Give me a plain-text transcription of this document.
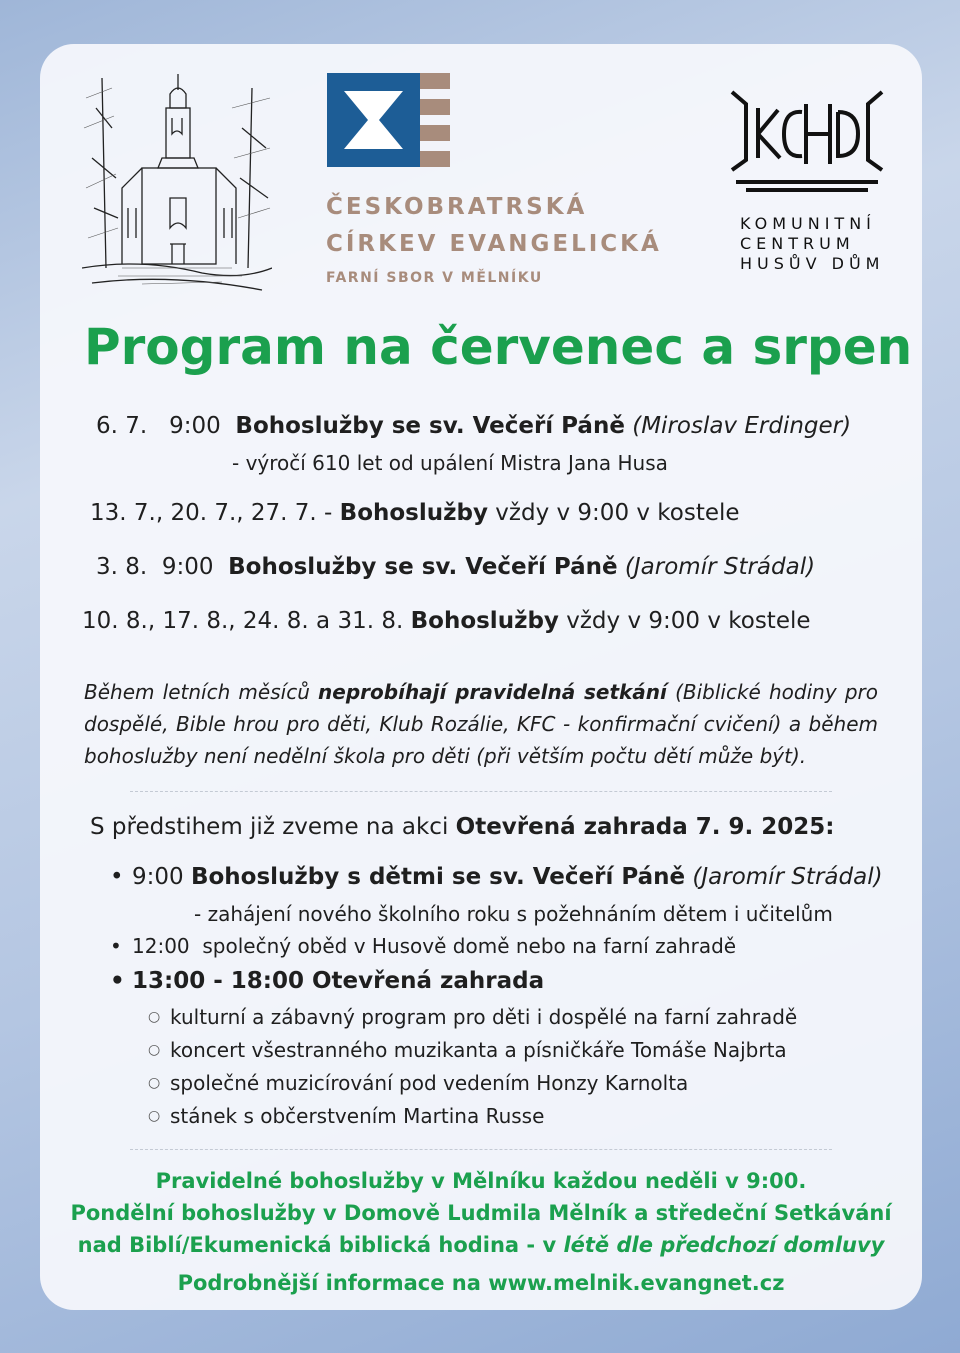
ČESKOBRATRSKÁ
CÍRKEV EVANGELICKÁ
FARNÍ SBOR V MĚLNÍKU
KOMUNITNÍ
CENTRUM
HUSŮV DŮM
Program na červenec a srpen
6. 7. 9:00 Bohoslužby se sv. Večeří Páně (Miroslav Erdinger)
- výročí 610 let od upálení Mistra Jana Husa
13. 7., 20. 7., 27. 7. - Bohoslužby vždy v 9:00 v kostele
3. 8. 9:00 Bohoslužby se sv. Večeří Páně (Jaromír Strádal)
10. 8., 17. 8., 24. 8. a 31. 8. Bohoslužby vždy v 9:00 v kostele
Během letních měsíců neprobíhají pravidelná setkání (Biblické hodiny pro dospělé, Bible hrou pro děti, Klub Rozálie, KFC - konfirmační cvičení) a během bohoslužby není nedělní škola pro děti (při větším počtu dětí může být).
S předstihem již zveme na akci Otevřená zahrada 7. 9. 2025:
• 9:00 Bohoslužby s dětmi se sv. Večeří Páně (Jaromír Strádal)
- zahájení nového školního roku s požehnáním dětem i učitelům
• 12:00 společný oběd v Husově domě nebo na farní zahradě
• 13:00 - 18:00 Otevřená zahrada
○ kulturní a zábavný program pro děti i dospělé na farní zahradě
○ koncert všestranného muzikanta a písničkáře Tomáše Najbrta
○ společné muzicírování pod vedením Honzy Karnolta
○ stánek s občerstvením Martina Russe
Pravidelné bohoslužby v Mělníku každou neděli v 9:00.
Pondělní bohoslužby v Domově Ludmila Mělník a středeční Setkávání
nad Biblí/Ekumenická biblická hodina - v létě dle předchozí domluvy
Podrobnější informace na www.melnik.evangnet.cz
